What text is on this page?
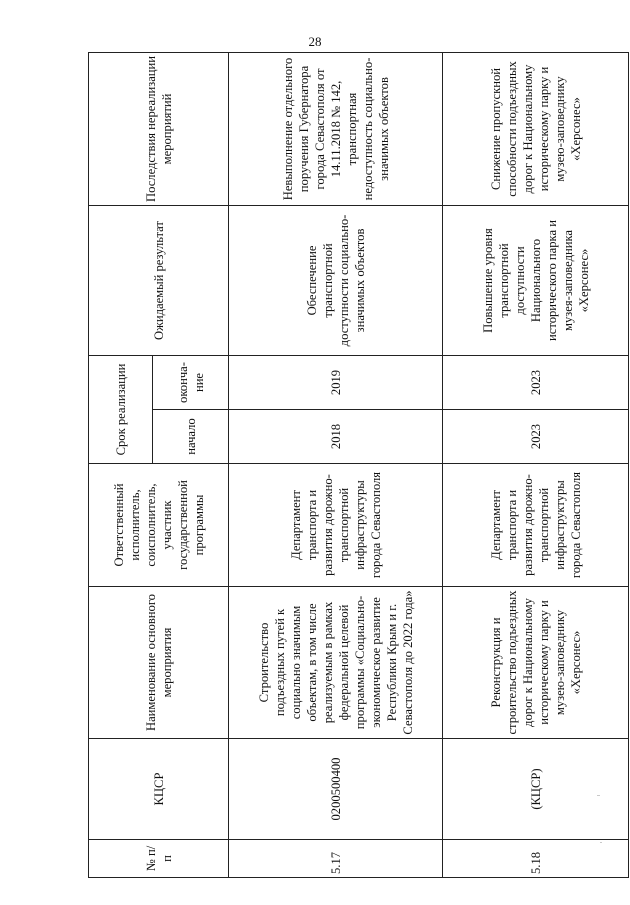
28
№ п/п	КЦСР	Наименование основного мероприятия	Ответственный исполнитель, соисполнитель, участник государственной программы	Срок реализации		Ожидаемый результат	Последствия нереализации мероприятий
				начало	оконча-ние		
5.17	0200500400	Строительство подъездных путей к социально значимым объектам, в том числе реализуемым в рамках федеральной целевой программы «Социально-экономическое развитие Республики Крым и г. Севастополя до 2022 года»	Департамент транспорта и развития дорожно-транспортной инфраструктуры города Севастополя	2018	2019	Обеспечение транспортной доступности социально-значимых объектов	Невыполнение отдельного поручения Губернатора города Севастополя от 14.11.2018 № 142, транспортная недоступность социально-значимых объектов
5.18	(КЦСР)	Реконструкция и строительство подъездных дорог к Национальному историческому парку и музею-заповеднику «Херсонес»	Департамент транспорта и развития дорожно-транспортной инфраструктуры города Севастополя	2023	2023	Повышение уровня транспортной доступности Национального исторического парка и музея-заповедника «Херсонес»	Снижение пропускной способности подъездных дорог к Национальному историческому парку и музею-заповеднику «Херсонес»
